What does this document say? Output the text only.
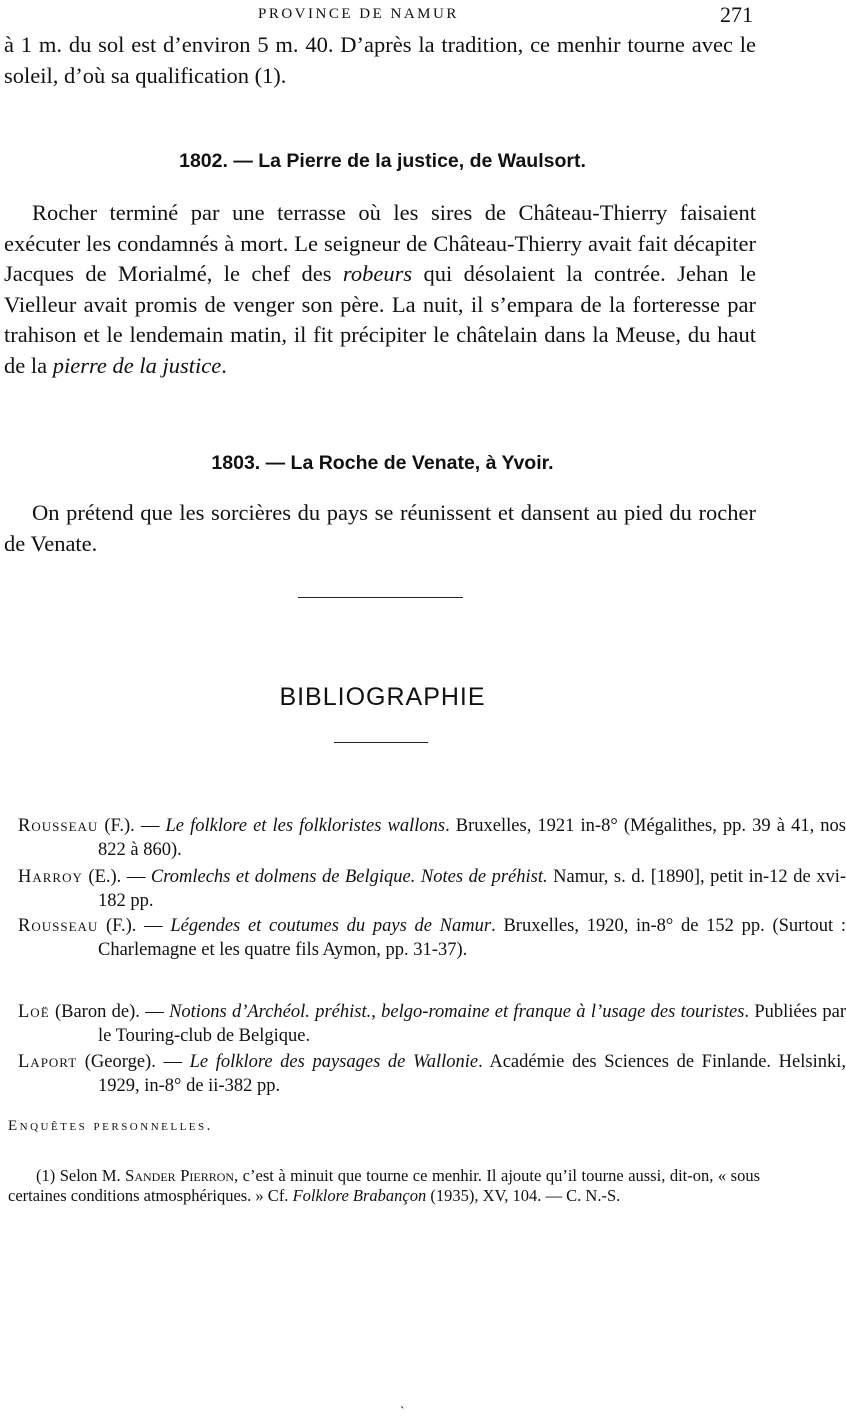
PROVINCE DE NAMUR	271

à 1 m. du sol est d’environ 5 m. 40. D’après la tradition, ce menhir tourne avec le soleil, d’où sa qualification (1).

1802. — La Pierre de la justice, de Waulsort.

Rocher terminé par une terrasse où les sires de Château-Thierry faisaient exécuter les condamnés à mort. Le seigneur de Château-Thierry avait fait décapiter Jacques de Morialmé, le chef des robeurs qui désolaient la contrée. Jehan le Vielleur avait promis de venger son père. La nuit, il s’empara de la forteresse par trahison et le lendemain matin, il fit précipiter le châtelain dans la Meuse, du haut de la pierre de la justice.

1803. — La Roche de Venate, à Yvoir.

On prétend que les sorcières du pays se réunissent et dansent au pied du rocher de Venate.

BIBLIOGRAPHIE

Rousseau (F.). — Le folklore et les folkloristes wallons. Bruxelles, 1921 in-8° (Mégalithes, pp. 39 à 41, nos 822 à 860).

Harroy (E.). — Cromlechs et dolmens de Belgique. Notes de préhist. Namur, s. d. [1890], petit in-12 de xvi-182 pp.

Rousseau (F.). — Légendes et coutumes du pays de Namur. Bruxelles, 1920, in-8° de 152 pp. (Surtout : Charlemagne et les quatre fils Aymon, pp. 31-37).

Loë (Baron de). — Notions d’Archéol. préhist., belgo-romaine et franque à l’usage des touristes. Publiées par le Touring-club de Belgique.

Laport (George). — Le folklore des paysages de Wallonie. Académie des Sciences de Finlande. Helsinki, 1929, in-8° de ii-382 pp.

Enquêtes personnelles.

(1) Selon M. Sander Pierron, c’est à minuit que tourne ce menhir. Il ajoute qu’il tourne aussi, dit-on, « sous certaines conditions atmosphériques. » Cf. Folklore Brabançon (1935), XV, 104. — C. N.-S.

`
